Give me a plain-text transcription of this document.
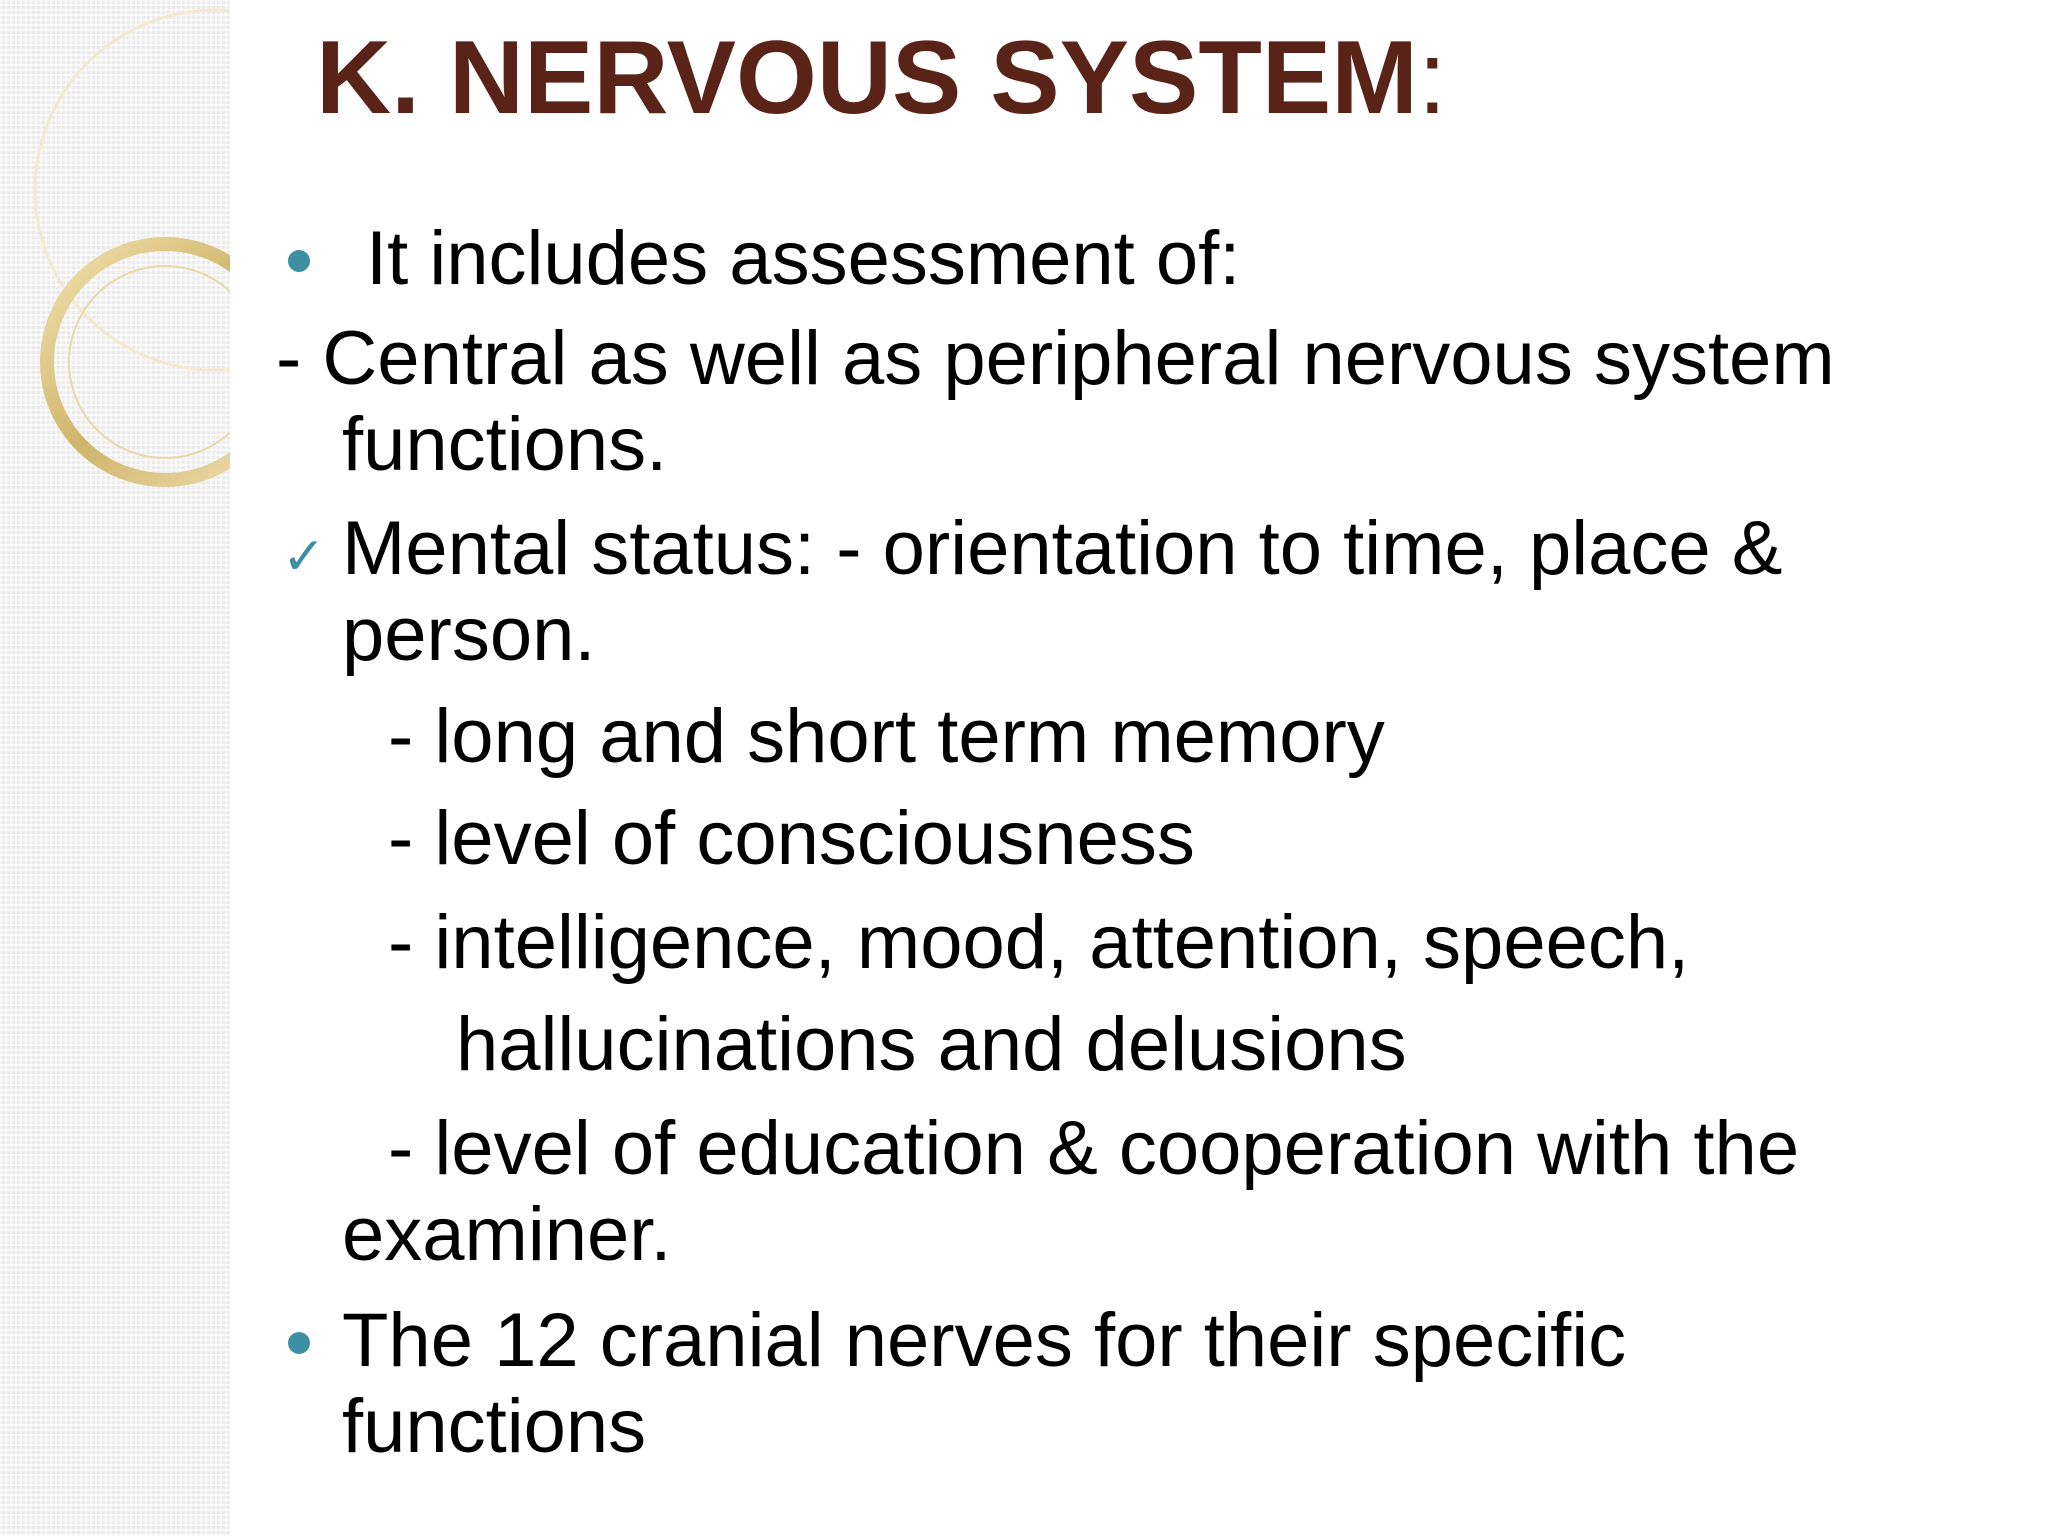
K. NERVOUS SYSTEM:
It includes assessment of:
- Central as well as peripheral nervous system
functions.
✓ Mental status: - orientation to time, place &
person.
- long and short term memory
- level of consciousness
- intelligence, mood, attention, speech,
hallucinations and delusions
- level of education & cooperation with the
examiner.
The 12 cranial nerves for their specific
functions
